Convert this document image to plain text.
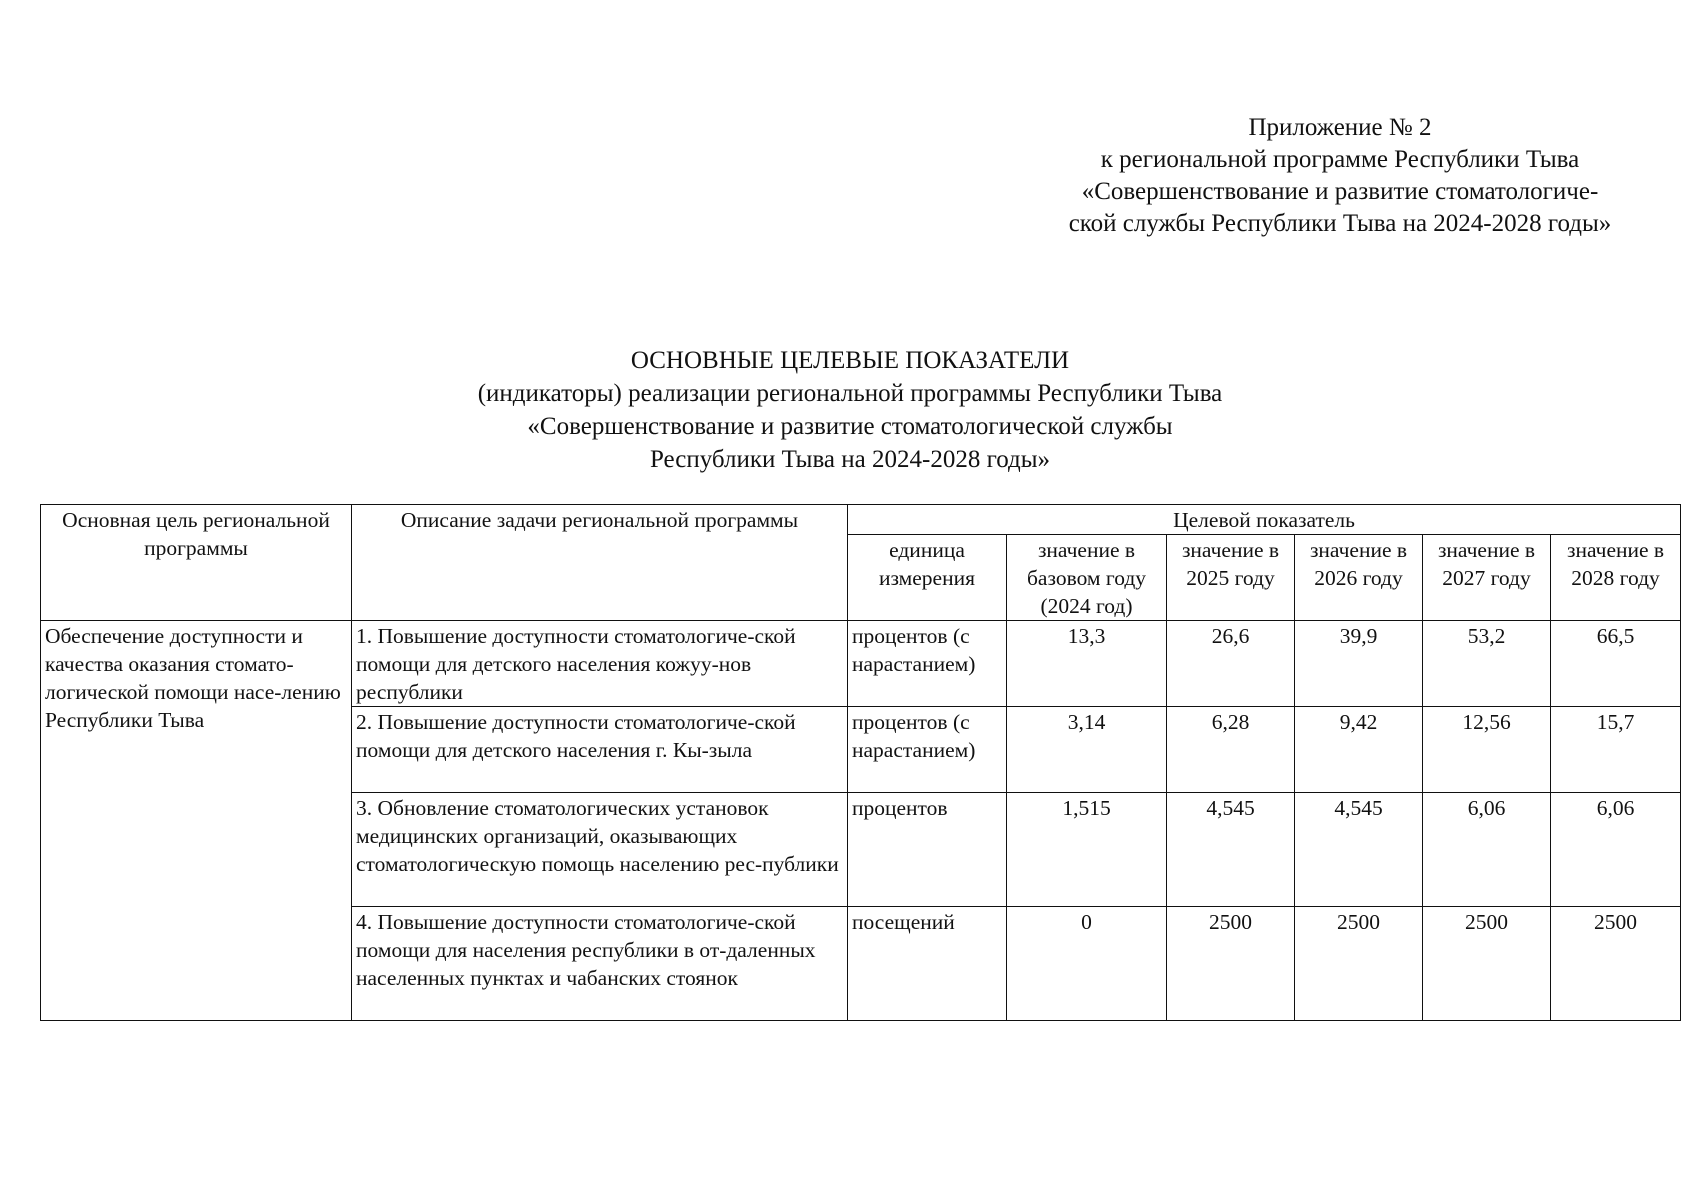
Приложение № 2
к региональной программе Республики Тыва
«Совершенствование и развитие стоматологиче-
ской службы Республики Тыва на 2024-2028 годы»
ОСНОВНЫЕ ЦЕЛЕВЫЕ ПОКАЗАТЕЛИ
(индикаторы) реализации региональной программы Республики Тыва
«Совершенствование и развитие стоматологической службы
Республики Тыва на 2024-2028 годы»
Основная цель региональной программы	Описание задачи региональной программы	Целевой показатель					
		единица измерения	значение в базовом году (2024 год)	значение в 2025 году	значение в 2026 году	значение в 2027 году	значение в 2028 году
Обеспечение доступности и качества оказания стомато-логической помощи насе-лению Республики Тыва	1. Повышение доступности стоматологиче-ской помощи для детского населения кожуу-нов республики	процентов (с нарастанием)	13,3	26,6	39,9	53,2	66,5
	2. Повышение доступности стоматологиче-ской помощи для детского населения г. Кы-зыла	процентов (с нарастанием)	3,14	6,28	9,42	12,56	15,7
	3. Обновление стоматологических установок медицинских организаций, оказывающих стоматологическую помощь населению рес-публики	процентов	1,515	4,545	4,545	6,06	6,06
	4. Повышение доступности стоматологиче-ской помощи для населения республики в от-даленных населенных пунктах и чабанских стоянок	посещений	0	2500	2500	2500	2500
